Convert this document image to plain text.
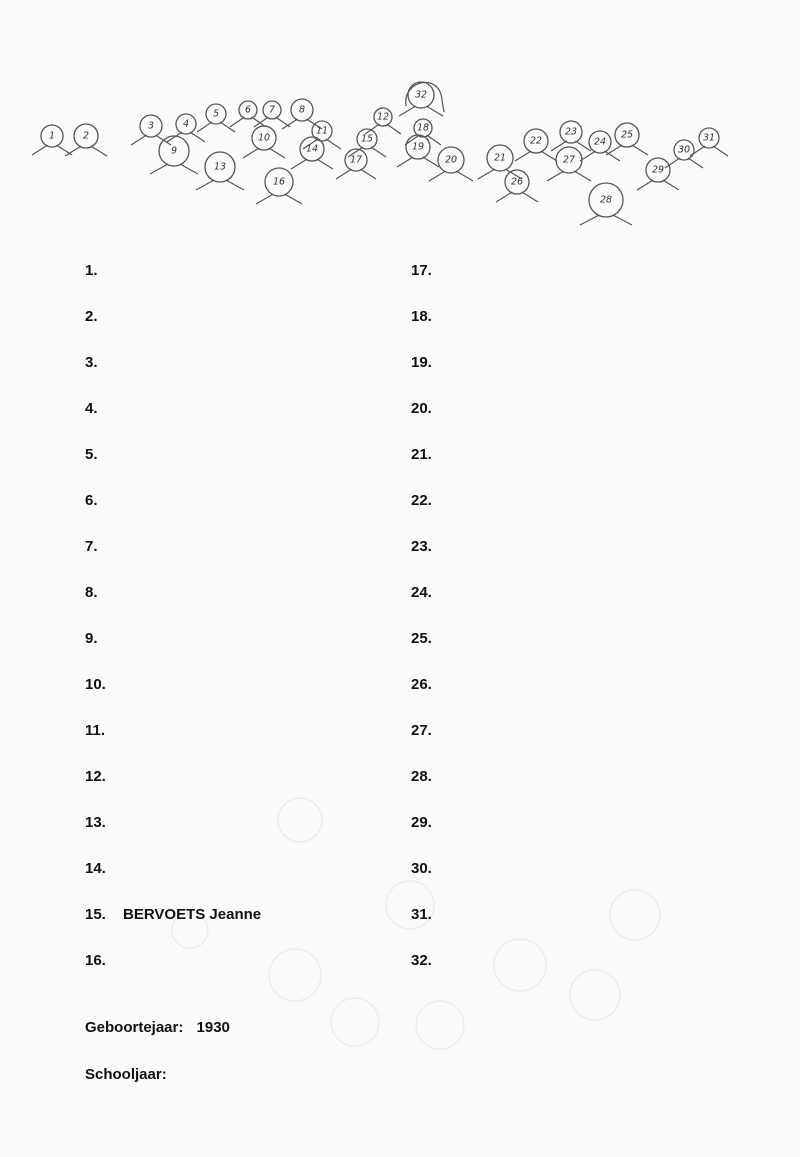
1	2
3	4
5	6 7	8
9
10
11
12
13
14
15
16
17
18
19
20	21
22
23
24
25
26
27
28
29
30
31
32
1.
2.
3.
4.
5.
6.
7.
8.
9.
10.
11.
12.
13.
14.
15.	BERVOETS Jeanne
16.
17.
18.
19.
20.
21.
22.
23.
24.
25.
26.
27.
28.
29.
30.
31.
32.
Geboortejaar: 1930
Schooljaar:
